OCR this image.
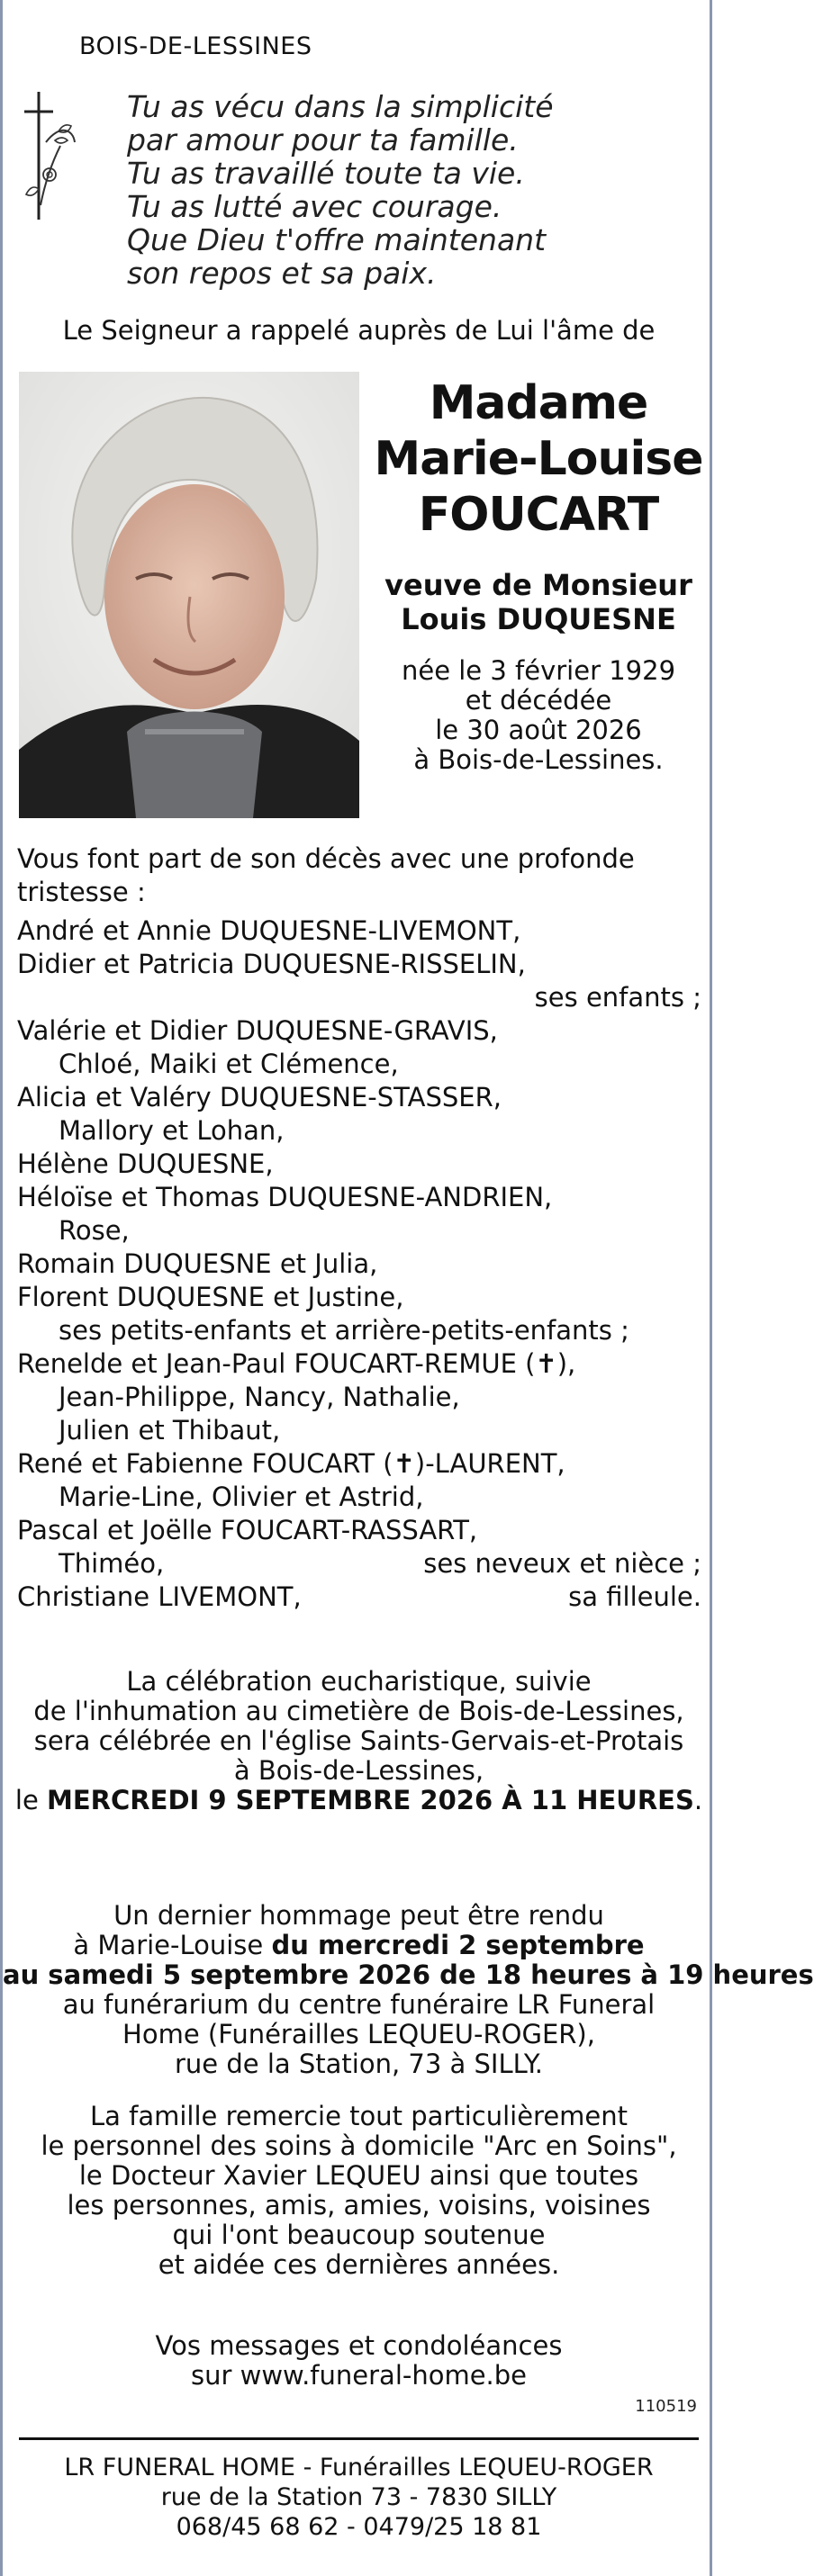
BOIS-DE-LESSINES
Tu as vécu dans la simplicité
par amour pour ta famille.
Tu as travaillé toute ta vie.
Tu as lutté avec courage.
Que Dieu t'offre maintenant
son repos et sa paix.
Le Seigneur a rappelé auprès de Lui l'âme de
Madame
Marie-Louise
FOUCART
veuve de Monsieur
Louis DUQUESNE
née le 3 février 1929
et décédée
le 30 août 2026
à Bois-de-Lessines.
Vous font part de son décès avec une profonde tristesse :
André et Annie DUQUESNE-LIVEMONT,
Didier et Patricia DUQUESNE-RISSELIN,
ses enfants ;
Valérie et Didier DUQUESNE-GRAVIS,
Chloé, Maiki et Clémence,
Alicia et Valéry DUQUESNE-STASSER,
Mallory et Lohan,
Hélène DUQUESNE,
Héloïse et Thomas DUQUESNE-ANDRIEN,
Rose,
Romain DUQUESNE et Julia,
Florent DUQUESNE et Justine,
ses petits-enfants et arrière-petits-enfants ;
Renelde et Jean-Paul FOUCART-REMUE (✝),
Jean-Philippe, Nancy, Nathalie,
Julien et Thibaut,
René et Fabienne FOUCART (✝)-LAURENT,
Marie-Line, Olivier et Astrid,
Pascal et Joëlle FOUCART-RASSART,
Thiméo,	ses neveux et nièce ;
Christiane LIVEMONT,	sa filleule.
La célébration eucharistique, suivie
de l'inhumation au cimetière de Bois-de-Lessines,
sera célébrée en l'église Saints-Gervais-et-Protais
à Bois-de-Lessines,
le MERCREDI 9 SEPTEMBRE 2026 À 11 HEURES.
Un dernier hommage peut être rendu
à Marie-Louise du mercredi 2 septembre
au samedi 5 septembre 2026 de 18 heures à 19 heures
au funérarium du centre funéraire LR Funeral
Home (Funérailles LEQUEU-ROGER),
rue de la Station, 73 à SILLY.
La famille remercie tout particulièrement
le personnel des soins à domicile "Arc en Soins",
le Docteur Xavier LEQUEU ainsi que toutes
les personnes, amis, amies, voisins, voisines
qui l'ont beaucoup soutenue
et aidée ces dernières années.
Vos messages et condoléances
sur www.funeral-home.be
110519
LR FUNERAL HOME - Funérailles LEQUEU-ROGER
rue de la Station 73 - 7830 SILLY
068/45 68 62 - 0479/25 18 81
